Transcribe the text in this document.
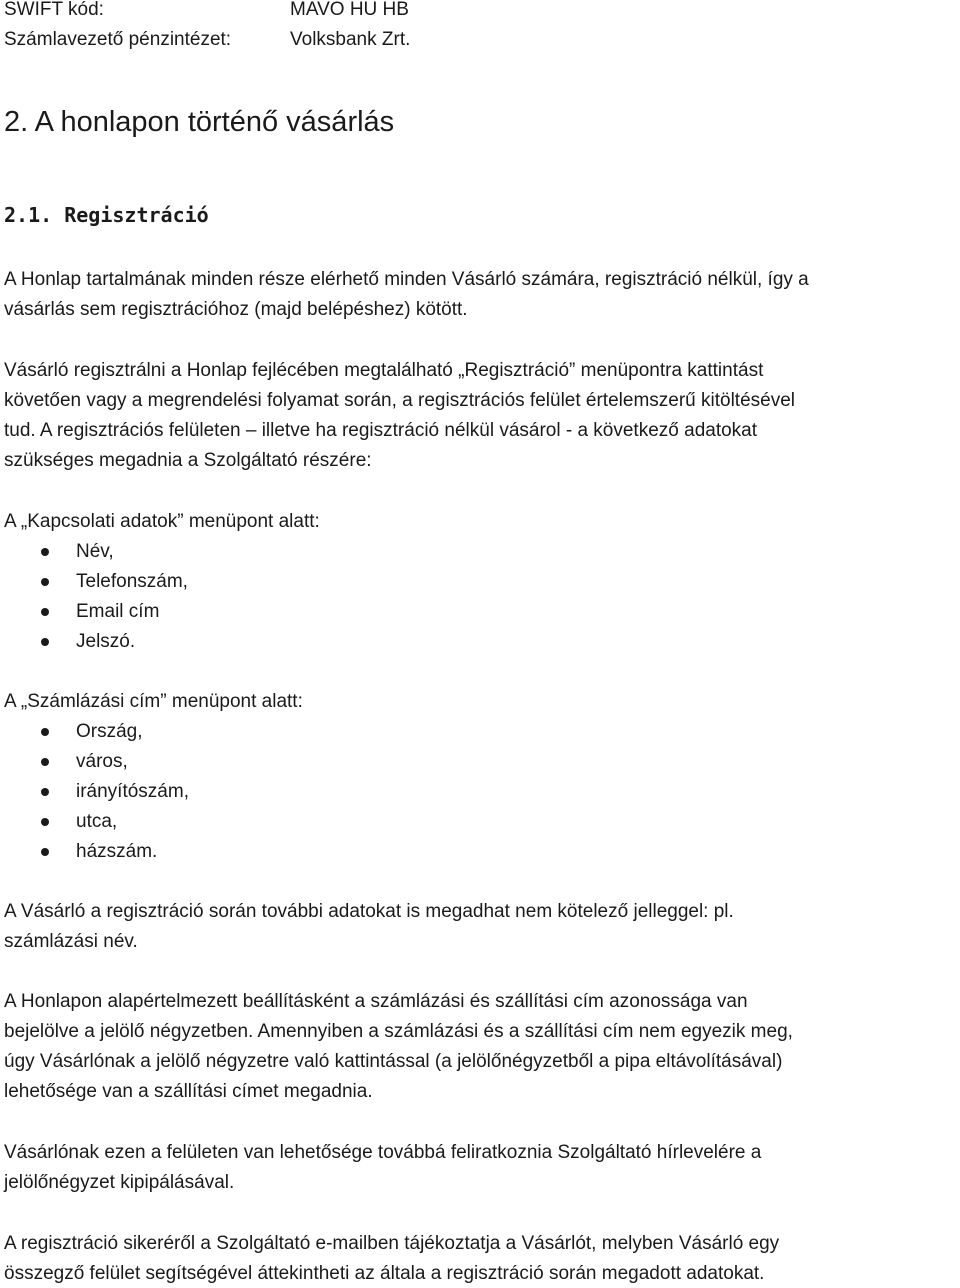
SWIFT kód:	MAVO HU HB
Számlavezető pénzintézet:	Volksbank Zrt.
2. A honlapon történő vásárlás
2.1. Regisztráció
A Honlap tartalmának minden része elérhető minden Vásárló számára, regisztráció nélkül, így a
vásárlás sem regisztrációhoz (majd belépéshez) kötött.
Vásárló regisztrálni a Honlap fejlécében megtalálható „Regisztráció” menüpontra kattintást
követően vagy a megrendelési folyamat során, a regisztrációs felület értelemszerű kitöltésével
tud. A regisztrációs felületen – illetve ha regisztráció nélkül vásárol - a következő adatokat
szükséges megadnia a Szolgáltató részére:
A „Kapcsolati adatok” menüpont alatt:
Név,
Telefonszám,
Email cím
Jelszó.
A „Számlázási cím” menüpont alatt:
Ország,
város,
irányítószám,
utca,
házszám.
A Vásárló a regisztráció során további adatokat is megadhat nem kötelező jelleggel: pl.
számlázási név.
A Honlapon alapértelmezett beállításként a számlázási és szállítási cím azonossága van
bejelölve a jelölő négyzetben. Amennyiben a számlázási és a szállítási cím nem egyezik meg,
úgy Vásárlónak a jelölő négyzetre való kattintással (a jelölőnégyzetből a pipa eltávolításával)
lehetősége van a szállítási címet megadnia.
Vásárlónak ezen a felületen van lehetősége továbbá feliratkoznia Szolgáltató hírlevelére a
jelölőnégyzet kipipálásával.
A regisztráció sikeréről a Szolgáltató e-mailben tájékoztatja a Vásárlót, melyben Vásárló egy
összegző felület segítségével áttekintheti az általa a regisztráció során megadott adatokat.
